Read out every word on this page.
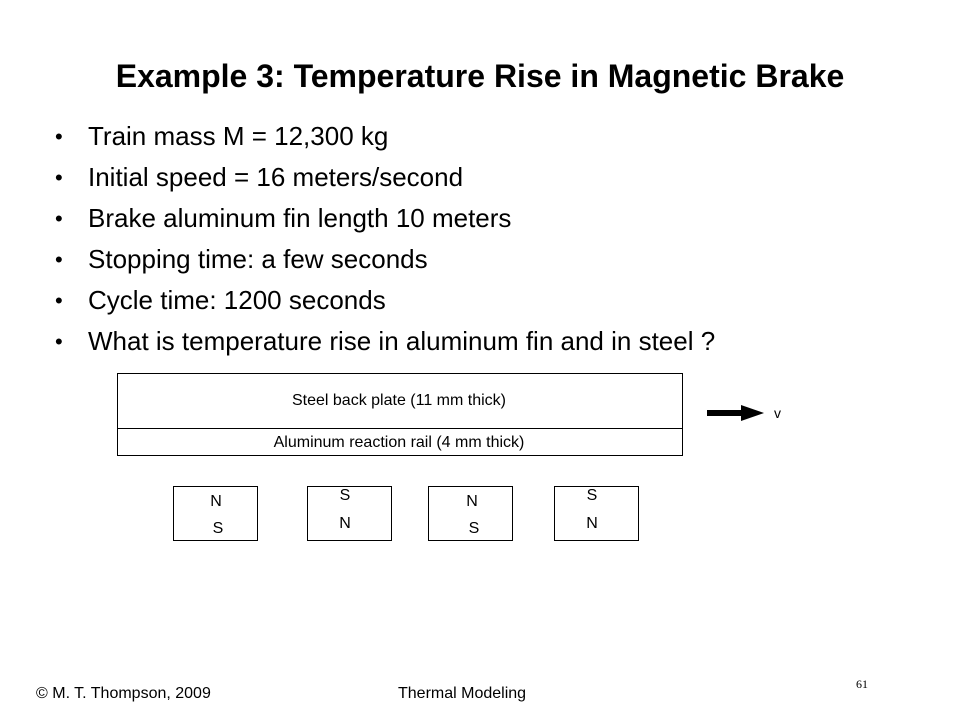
Example 3: Temperature Rise in Magnetic Brake
• Train mass M = 12,300 kg
• Initial speed = 16 meters/second
• Brake aluminum fin length 10 meters
• Stopping time: a few seconds
• Cycle time: 1200 seconds
• What is temperature rise in aluminum fin and in steel ?
Steel back plate (11 mm thick)
Aluminum reaction rail (4 mm thick)
v
N
S
S
N
N
S
S
N
© M. T. Thompson, 2009	Thermal Modeling
61
